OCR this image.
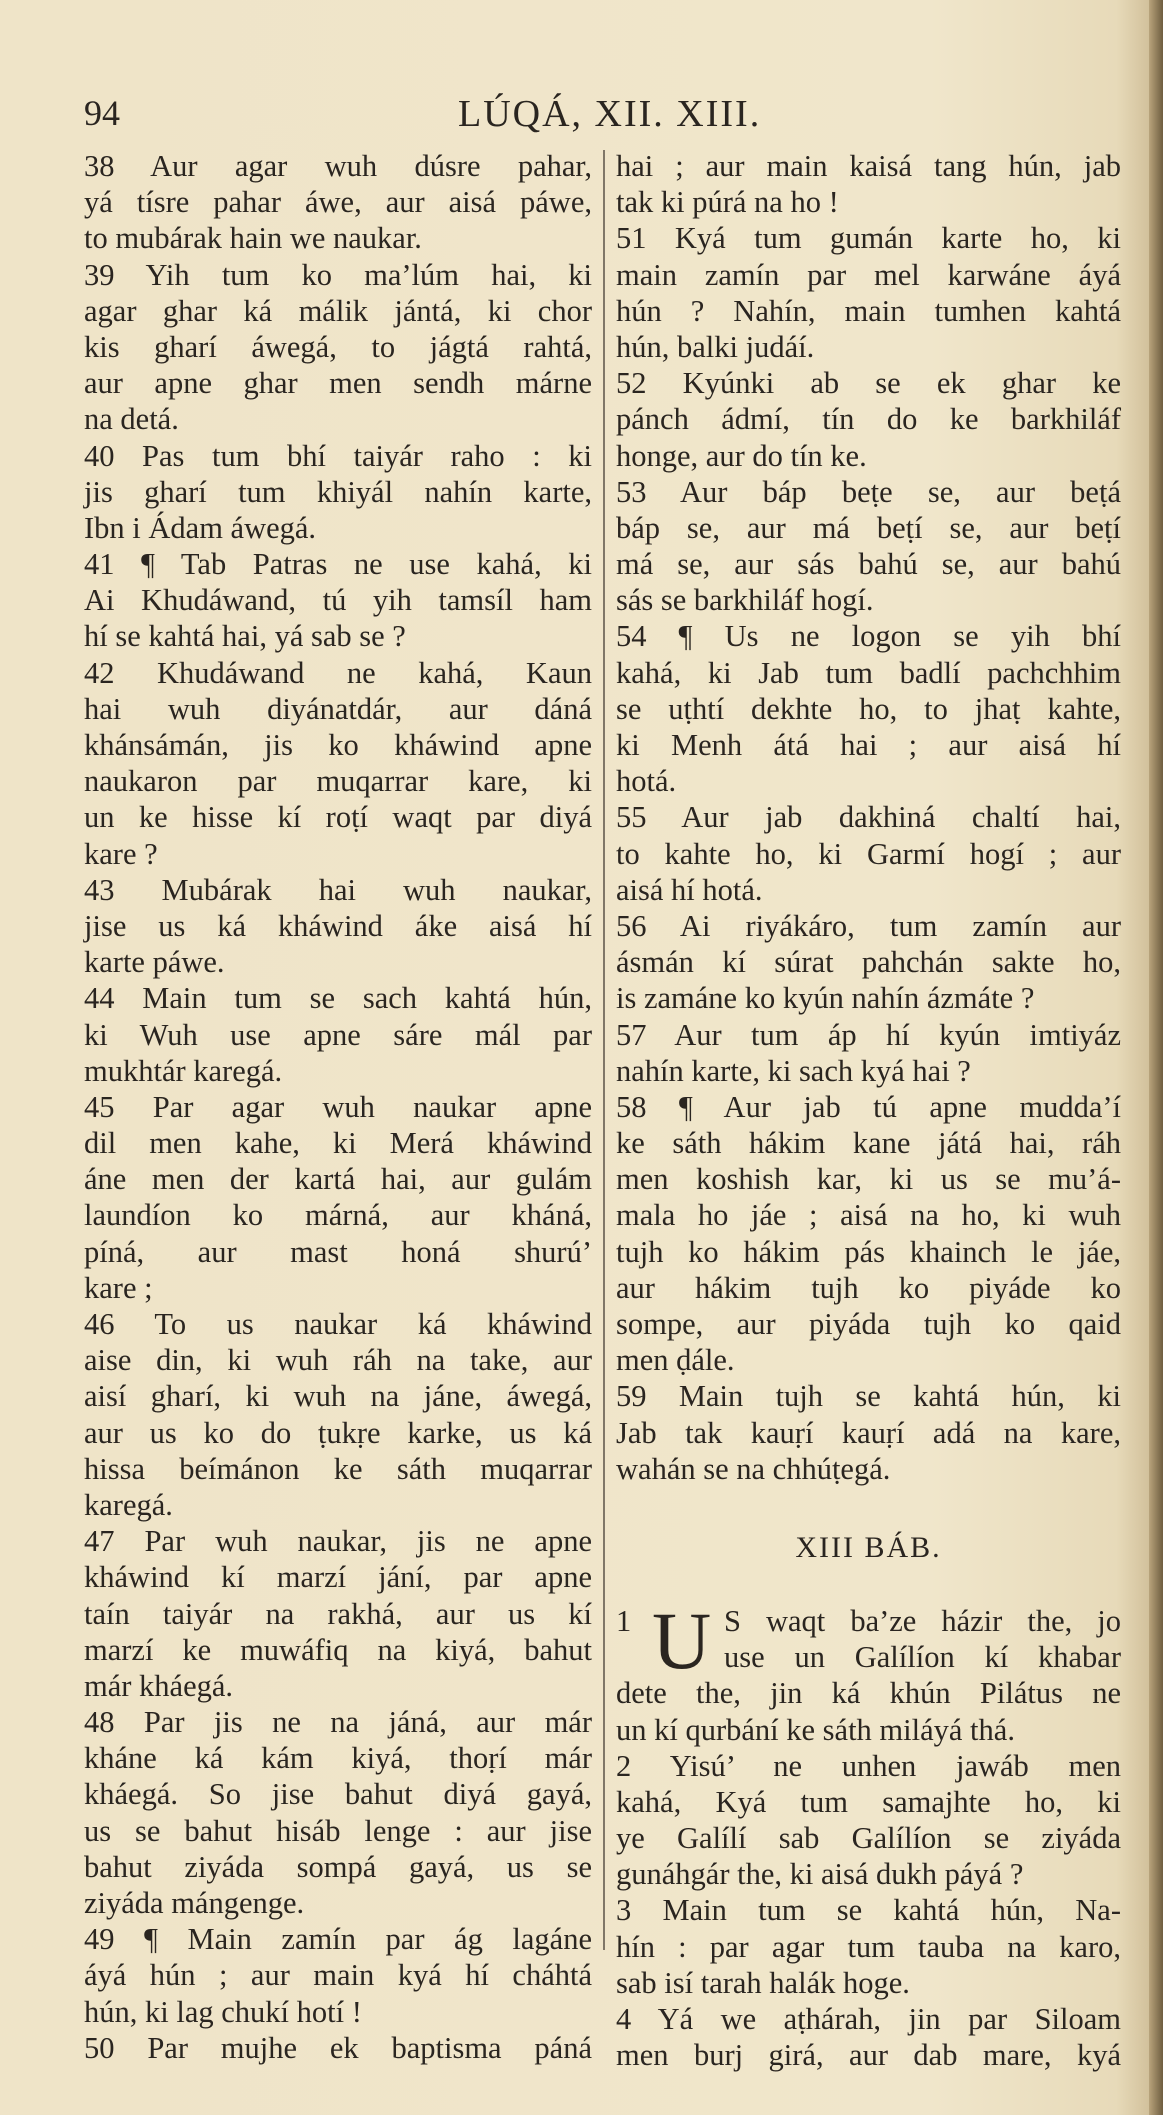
94	LÚQÁ, XII. XIII.
38 Aur agar wuh dúsre pahar,
yá tísre pahar áwe, aur aisá páwe,
to mubárak hain we naukar.
39 Yih tum ko ma’lúm hai, ki
agar ghar ká málik jántá, ki chor
kis gharí áwegá, to jágtá rahtá,
aur apne ghar men sendh márne
na detá.
40 Pas tum bhí taiyár raho : ki
jis gharí tum khiyál nahín karte,
Ibn i Ádam áwegá.
41 ¶ Tab Patras ne use kahá, ki
Ai Khudáwand, tú yih tamsíl ham
hí se kahtá hai, yá sab se ?
42 Khudáwand ne kahá, Kaun
hai wuh diyánatdár, aur dáná
khánsámán, jis ko kháwind apne
naukaron par muqarrar kare, ki
un ke hisse kí roṭí waqt par diyá
kare ?
43 Mubárak hai wuh naukar,
jise us ká kháwind áke aisá hí
karte páwe.
44 Main tum se sach kahtá hún,
ki Wuh use apne sáre mál par
mukhtár karegá.
45 Par agar wuh naukar apne
dil men kahe, ki Merá kháwind
áne men der kartá hai, aur gulám
laundíon ko márná, aur kháná,
píná, aur mast honá shurú’
kare ;
46 To us naukar ká kháwind
aise din, ki wuh ráh na take, aur
aisí gharí, ki wuh na jáne, áwegá,
aur us ko do ṭukṛe karke, us ká
hissa beímánon ke sáth muqarrar
karegá.
47 Par wuh naukar, jis ne apne
kháwind kí marzí jání, par apne
taín taiyár na rakhá, aur us kí
marzí ke muwáfiq na kiyá, bahut
már kháegá.
48 Par jis ne na jáná, aur már
kháne ká kám kiyá, thoṛí már
kháegá. So jise bahut diyá gayá,
us se bahut hisáb lenge : aur jise
bahut ziyáda sompá gayá, us se
ziyáda mángenge.
49 ¶ Main zamín par ág lagáne
áyá hún ; aur main kyá hí cháhtá
hún, ki lag chukí hotí !
50 Par mujhe ek baptisma páná
hai ; aur main kaisá tang hún, jab
tak ki púrá na ho !
51 Kyá tum gumán karte ho, ki
main zamín par mel karwáne áyá
hún ? Nahín, main tumhen kahtá
hún, balki judáí.
52 Kyúnki ab se ek ghar ke
pánch ádmí, tín do ke barkhiláf
honge, aur do tín ke.
53 Aur báp beṭe se, aur beṭá
báp se, aur má beṭí se, aur beṭí
má se, aur sás bahú se, aur bahú
sás se barkhiláf hogí.
54 ¶ Us ne logon se yih bhí
kahá, ki Jab tum badlí pachchhim
se uṭhtí dekhte ho, to jhaṭ kahte,
ki Menh átá hai ; aur aisá hí
hotá.
55 Aur jab dakhiná chaltí hai,
to kahte ho, ki Garmí hogí ; aur
aisá hí hotá.
56 Ai riyákáro, tum zamín aur
ásmán kí súrat pahchán sakte ho,
is zamáne ko kyún nahín ázmáte ?
57 Aur tum áp hí kyún imtiyáz
nahín karte, ki sach kyá hai ?
58 ¶ Aur jab tú apne mudda’í
ke sáth hákim kane játá hai, ráh
men koshish kar, ki us se mu’á-
mala ho jáe ; aisá na ho, ki wuh
tujh ko hákim pás khainch le jáe,
aur hákim tujh ko piyáde ko
sompe, aur piyáda tujh ko qaid
men ḍále.
59 Main tujh se kahtá hún, ki
Jab tak kauṛí kauṛí adá na kare,
wahán se na chhúṭegá.
XIII BÁB.
1 U S waqt ba’ze házir the, jo
use un Galílíon kí khabar
dete the, jin ká khún Pilátus ne
un kí qurbání ke sáth miláyá thá.
2 Yisú’ ne unhen jawáb men
kahá, Kyá tum samajhte ho, ki
ye Galílí sab Galílíon se ziyáda
gunáhgár the, ki aisá dukh páyá ?
3 Main tum se kahtá hún, Na-
hín : par agar tum tauba na karo,
sab isí tarah halák hoge.
4 Yá we aṭhárah, jin par Siloam
men burj girá, aur dab mare, kyá
